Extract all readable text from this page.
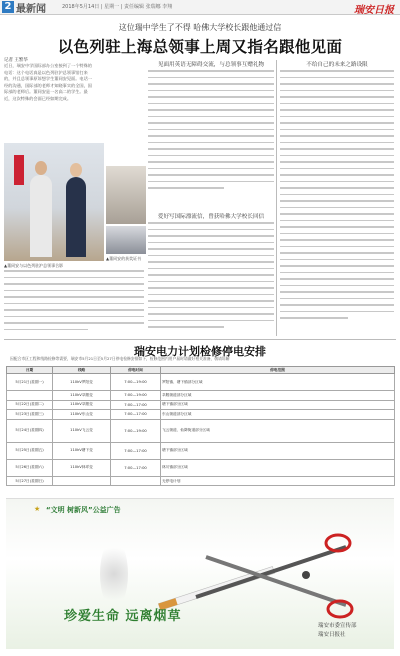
2 最新闻	2018年5月14日 | 星期一 | 责任编辑 张瑞娜 李翔	瑞安日报
这位瑞中学生了不得 哈佛大学校长跟他通过信
以色列驻上海总领事上周又指名跟他见面
记者 王繁华
近日，瑞安中学国际部办公室接到了一个特殊的电话：这个电话真是以色列驻沪总领事馆打来的，并且总领事原谅想学生董同安见面。电话一经的沟通，国际部的老师才知晓事实的全国，国际部的老师后。董同安是一名高二的学生。最近，这次特殊的会面已经如期完成。
▲董同安与以色列驻沪总领事合影
▲董同安的获奖证书
见面用英语无障碍交流，与总领事互赠礼物
爱好写国际漂流信，曾获哈佛大学校长回信
不给自己的未来之路设限
瑞安电力计划检修停电安排
因配合市区工程和线路检修等需要，瑞安市5月21日至5月27日停电检修安排如下，检修范围内用户届时请做好相关准备，敬请谅解
日期	线路	停电时间	停电范围
5月21日(星期一)	110kV罗阳变	7:00—19:00	罗阳镇、塘下镇部分区域
	110kV莘塍变	7:00—19:00	莘塍街道部分区域
5月22日(星期二)	110kV莘塍变	7:00—17:00	塘下镇部分区域
5月23日(星期三)	110kV东山变	7:00—17:00	东山街道部分区域
5月24日(星期四)	110kV飞云变	7:00—19:00	飞云街道、仙降街道部分区域
5月25日(星期五)	110kV塘下变	7:00—17:00	塘下镇部分区域
5月26日(星期六)	110kV林垟变	7:00—17:00	林川镇部分区域
5月27日(星期日)			无停电计划
★ “文明 树新风”公益广告
珍爱生命 远离烟草
瑞安市委宣传部
瑞安日报社
